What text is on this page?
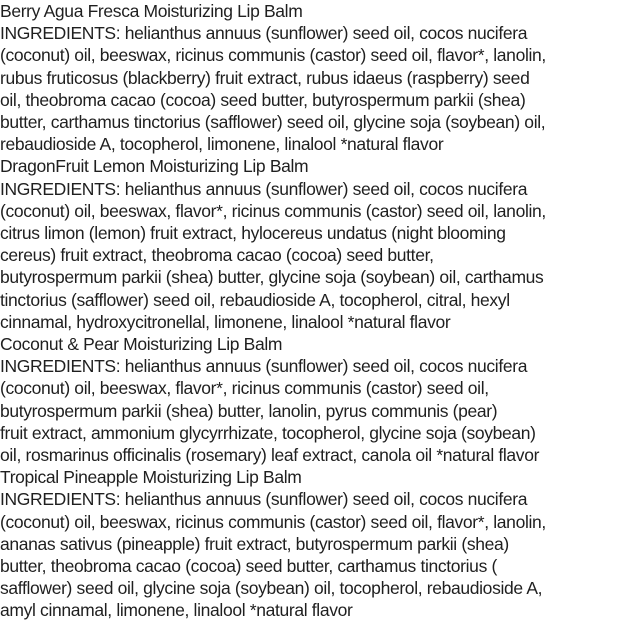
Berry Agua Fresca Moisturizing Lip Balm
INGREDIENTS: helianthus annuus (sunflower) seed oil, cocos nucifera
(coconut) oil, beeswax, ricinus communis (castor) seed oil, flavor*, lanolin,
rubus fruticosus (blackberry) fruit extract, rubus idaeus (raspberry) seed
oil, theobroma cacao (cocoa) seed butter, butyrospermum parkii (shea)
butter, carthamus tinctorius (safflower) seed oil, glycine soja (soybean) oil,
rebaudioside A, tocopherol, limonene, linalool *natural flavor
DragonFruit Lemon Moisturizing Lip Balm
INGREDIENTS: helianthus annuus (sunflower) seed oil, cocos nucifera
(coconut) oil, beeswax, flavor*, ricinus communis (castor) seed oil, lanolin,
citrus limon (lemon) fruit extract, hylocereus undatus (night blooming
cereus) fruit extract, theobroma cacao (cocoa) seed butter,
butyrospermum parkii (shea) butter, glycine soja (soybean) oil, carthamus
tinctorius (safflower) seed oil, rebaudioside A, tocopherol, citral, hexyl
cinnamal, hydroxycitronellal, limonene, linalool *natural flavor
Coconut & Pear Moisturizing Lip Balm
INGREDIENTS: helianthus annuus (sunflower) seed oil, cocos nucifera
(coconut) oil, beeswax, flavor*, ricinus communis (castor) seed oil,
butyrospermum parkii (shea) butter, lanolin, pyrus communis (pear)
fruit extract, ammonium glycyrrhizate, tocopherol, glycine soja (soybean)
oil, rosmarinus officinalis (rosemary) leaf extract, canola oil *natural flavor
Tropical Pineapple Moisturizing Lip Balm
INGREDIENTS: helianthus annuus (sunflower) seed oil, cocos nucifera
(coconut) oil, beeswax, ricinus communis (castor) seed oil, flavor*, lanolin,
ananas sativus (pineapple) fruit extract, butyrospermum parkii (shea)
butter, theobroma cacao (cocoa) seed butter, carthamus tinctorius (
safflower) seed oil, glycine soja (soybean) oil, tocopherol, rebaudioside A,
amyl cinnamal, limonene, linalool *natural flavor
